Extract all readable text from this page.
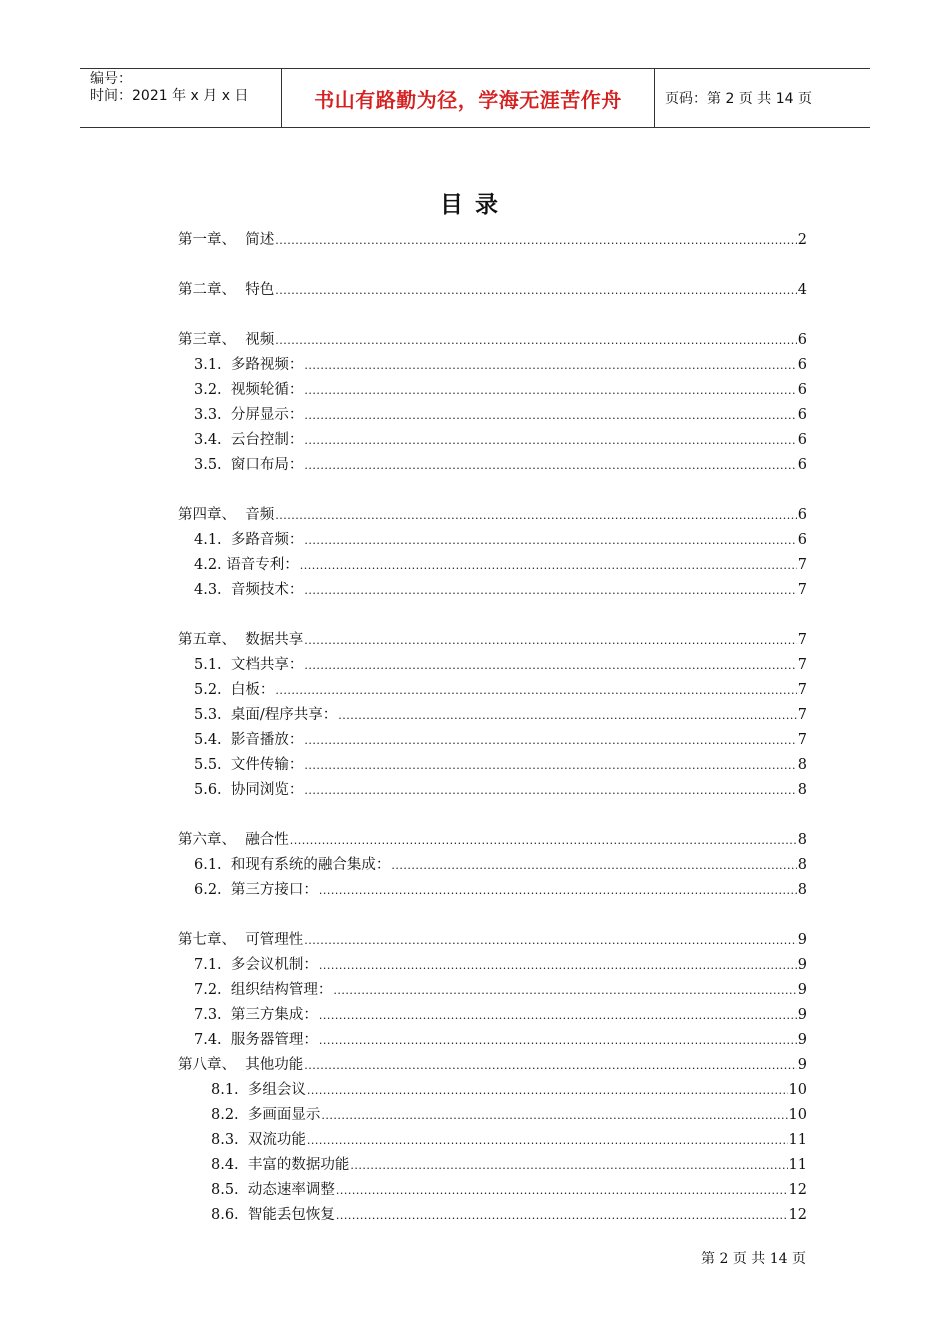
编号：
时间：2021 年 x 月 x 日	书山有路勤为径，学海无涯苦作舟	页码：第 2 页 共 14 页
目录
第一章、 简述 .....	2
第二章、 特色 .....	4
第三章、 视频 .....	6
3.1. 多路视频： .....	6
3.2. 视频轮循： .....	6
3.3. 分屏显示： .....	6
3.4. 云台控制： .....	6
3.5. 窗口布局： .....	6
第四章、 音频 .....	6
4.1. 多路音频： .....	6
4.2. 语音专利： .....	7
4.3. 音频技术： .....	7
第五章、 数据共享 .....	7
5.1. 文档共享： .....	7
5.2. 白板： .....	7
5.3. 桌面/程序共享： .....	7
5.4. 影音播放： .....	7
5.5. 文件传输： .....	8
5.6. 协同浏览： .....	8
第六章、 融合性 .....	8
6.1. 和现有系统的融合集成： .....	8
6.2. 第三方接口： .....	8
第七章、 可管理性 .....	9
7.1. 多会议机制： .....	9
7.2. 组织结构管理： .....	9
7.3. 第三方集成： .....	9
7.4. 服务器管理： .....	9
第八章、 其他功能 .....	9
8.1. 多组会议 .....	10
8.2. 多画面显示 .....	10
8.3. 双流功能 .....	11
8.4. 丰富的数据功能 .....	11
8.5. 动态速率调整 .....	12
8.6. 智能丢包恢复 .....	12
第 2 页 共 14 页
